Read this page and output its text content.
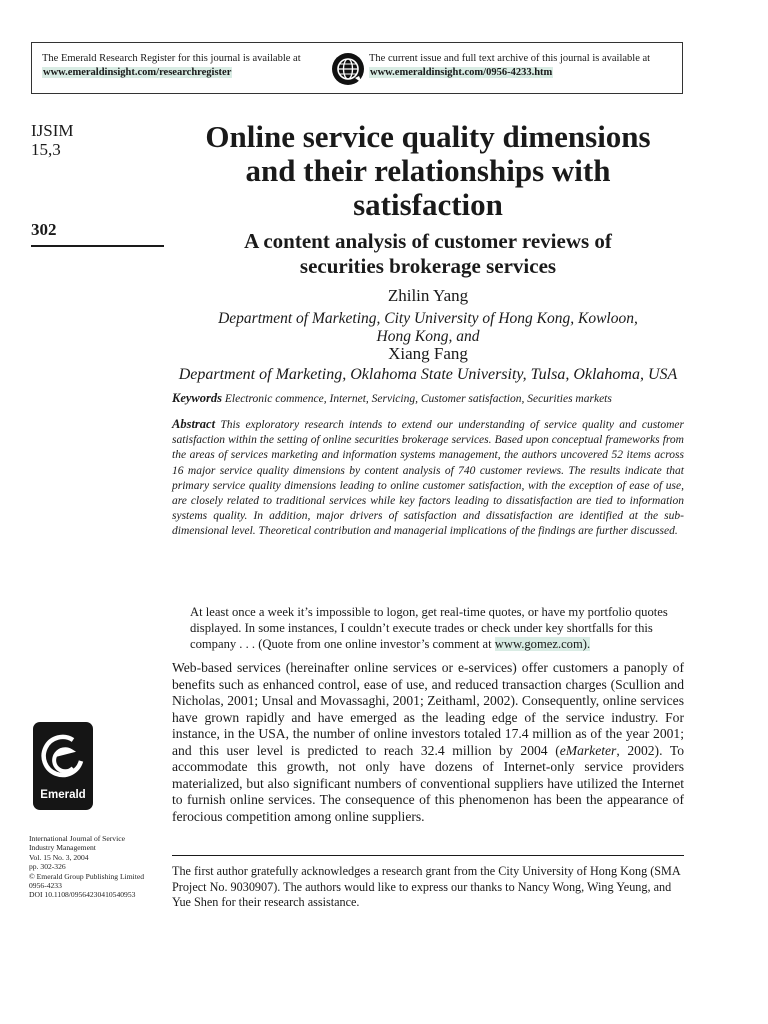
The Emerald Research Register for this journal is available at
www.emeraldinsight.com/researchregister
The current issue and full text archive of this journal is available at
www.emeraldinsight.com/0956-4233.htm
IJSIM
15,3
302
Online service quality dimensions
and their relationships with
satisfaction
A content analysis of customer reviews of
securities brokerage services
Zhilin Yang
Department of Marketing, City University of Hong Kong, Kowloon,
Hong Kong, and
Xiang Fang
Department of Marketing, Oklahoma State University, Tulsa, Oklahoma, USA
Keywords Electronic commence, Internet, Servicing, Customer satisfaction, Securities markets

Abstract This exploratory research intends to extend our understanding of service quality and customer satisfaction within the setting of online securities brokerage services. Based upon conceptual frameworks from the areas of services marketing and information systems management, the authors uncovered 52 items across 16 major service quality dimensions by content analysis of 740 customer reviews. The results indicate that primary service quality dimensions leading to online customer satisfaction, with the exception of ease of use, are closely related to traditional services while key factors leading to dissatisfaction are tied to information systems quality. In addition, major drivers of satisfaction and dissatisfaction are identified at the sub-dimensional level. Theoretical contribution and managerial implications of the findings are further discussed.

At least once a week it’s impossible to logon, get real-time quotes, or have my portfolio quotes displayed. In some instances, I couldn’t execute trades or check under key shortfalls for this company . . . (Quote from one online investor’s comment at www.gomez.com).

Web-based services (hereinafter online services or e-services) offer customers a panoply of benefits such as enhanced control, ease of use, and reduced transaction charges (Scullion and Nicholas, 2001; Unsal and Movassaghi, 2001; Zeithaml, 2002). Consequently, online services have grown rapidly and have emerged as the leading edge of the service industry. For instance, in the USA, the number of online investors totaled 17.4 million as of the year 2001; and this user level is predicted to reach 32.4 million by 2004 (eMarketer, 2002). To accommodate this growth, not only have dozens of Internet-only service providers materialized, but also significant numbers of conventional suppliers have utilized the Internet to furnish online services. The consequence of this phenomenon has been the appearance of ferocious competition among online suppliers.

The first author gratefully acknowledges a research grant from the City University of Hong Kong (SMA Project No. 9030907). The authors would like to express our thanks to Nancy Wong, Wing Yeung, and Yue Shen for their research assistance.

Emerald
International Journal of Service
Industry Management
Vol. 15 No. 3, 2004
pp. 302-326
© Emerald Group Publishing Limited
0956-4233
DOI 10.1108/09564230410540953
